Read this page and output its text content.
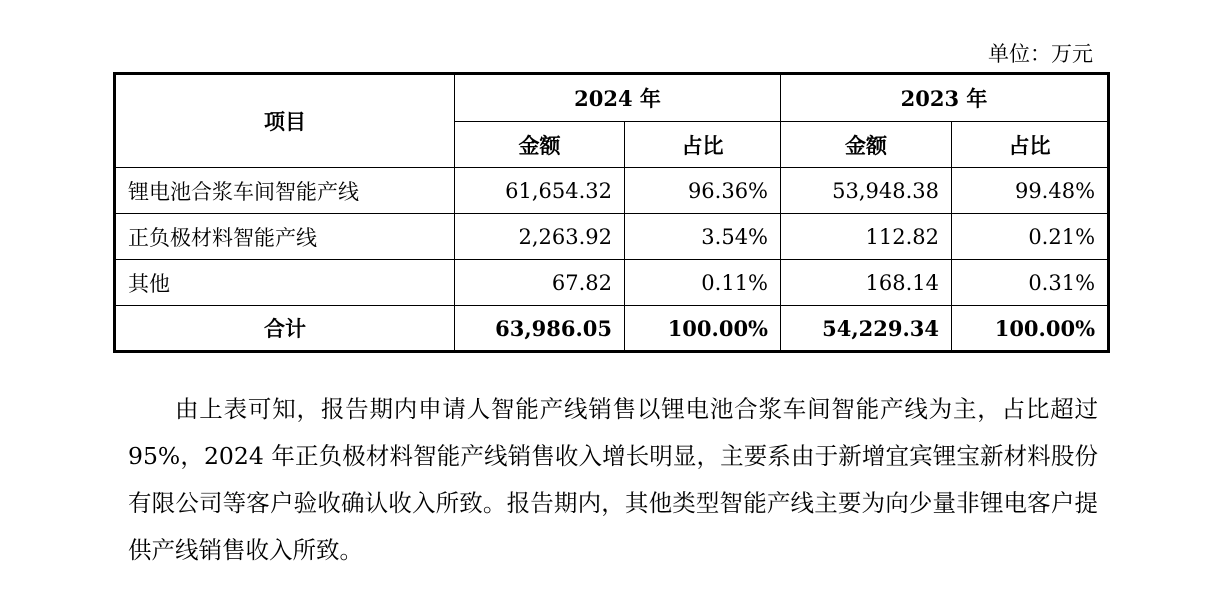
单位：万元
项目	2024 年		2023 年	
	金额	占比	金额	占比
锂电池合浆车间智能产线	61,654.32	96.36%	53,948.38	99.48%
正负极材料智能产线	2,263.92	3.54%	112.82	0.21%
其他	67.82	0.11%	168.14	0.31%
合计	63,986.05	100.00%	54,229.34	100.00%

由上表可知，报告期内申请人智能产线销售以锂电池合浆车间智能产线为主，占比超过 95%，2024 年正负极材料智能产线销售收入增长明显，主要系由于新增宜宾锂宝新材料股份有限公司等客户验收确认收入所致。报告期内，其他类型智能产线主要为向少量非锂电客户提供产线销售收入所致。
